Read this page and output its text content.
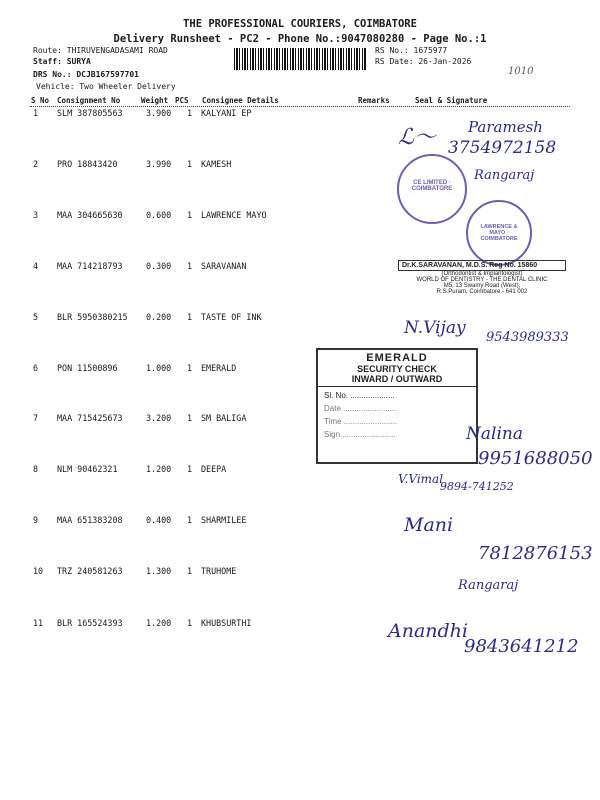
THE PROFESSIONAL COURIERS, COIMBATORE
Delivery Runsheet - PC2 - Phone No.:9047080280 - Page No.:1
Route: THIRUVENGADASAMI ROAD
Staff: SURYA
DRS No.: DCJB167597701
Vehicle: Two Wheeler Delivery
RS No.: 1675977
RS Date: 26-Jan-2026
1010
S No Consignment No	Weight PCS Consignee Details	Remarks	Seal & Signature
1 SLM 387805563	3.900 1 KALYANI EP
2 PRO 18843420	3.990 1 KAMESH
3 MAA 304665630	0.600 1 LAWRENCE MAYO
4 MAA 714218793	0.300 1 SARAVANAN
5 BLR 5950380215 0.200 1 TASTE OF INK
6 PON 11500896	1.000 1 EMERALD
7 MAA 715425673	3.200 1 SM BALIGA
8 NLM 90462321	1.200 1 DEEPA
9 MAA 651383208	0.400 1 SHARMILEE
10 TRZ 240581263	1.300 1 TRUHOME
11 BLR 165524393	1.200 1 KHUBSURTHI
CE LIMITED · COIMBATORE
LAWRENCE & MAYO · COIMBATORE
Dr.K.SARAVANAN, M.D.S. Reg No. 15860
(Orthodontist & Implantologist)
WORLD OF DENTISTRY - THE DENTAL CLINIC
M5, 13 Swamy Road (West),
R.S.Puram, Coimbatore - 641 002
EMERALD
SECURITY CHECK
INWARD / OUTWARD
Sl. No. ....................
Date ........................
Time ........................
Sign ........................
ℒ〜 Paramesh
3754972158
Rangaraj
N.Vijay 9543989333
Nalina
9951688050
V.Vimal
9894-741252
Mani
7812876153
Rangaraj
Anandhi
9843641212
